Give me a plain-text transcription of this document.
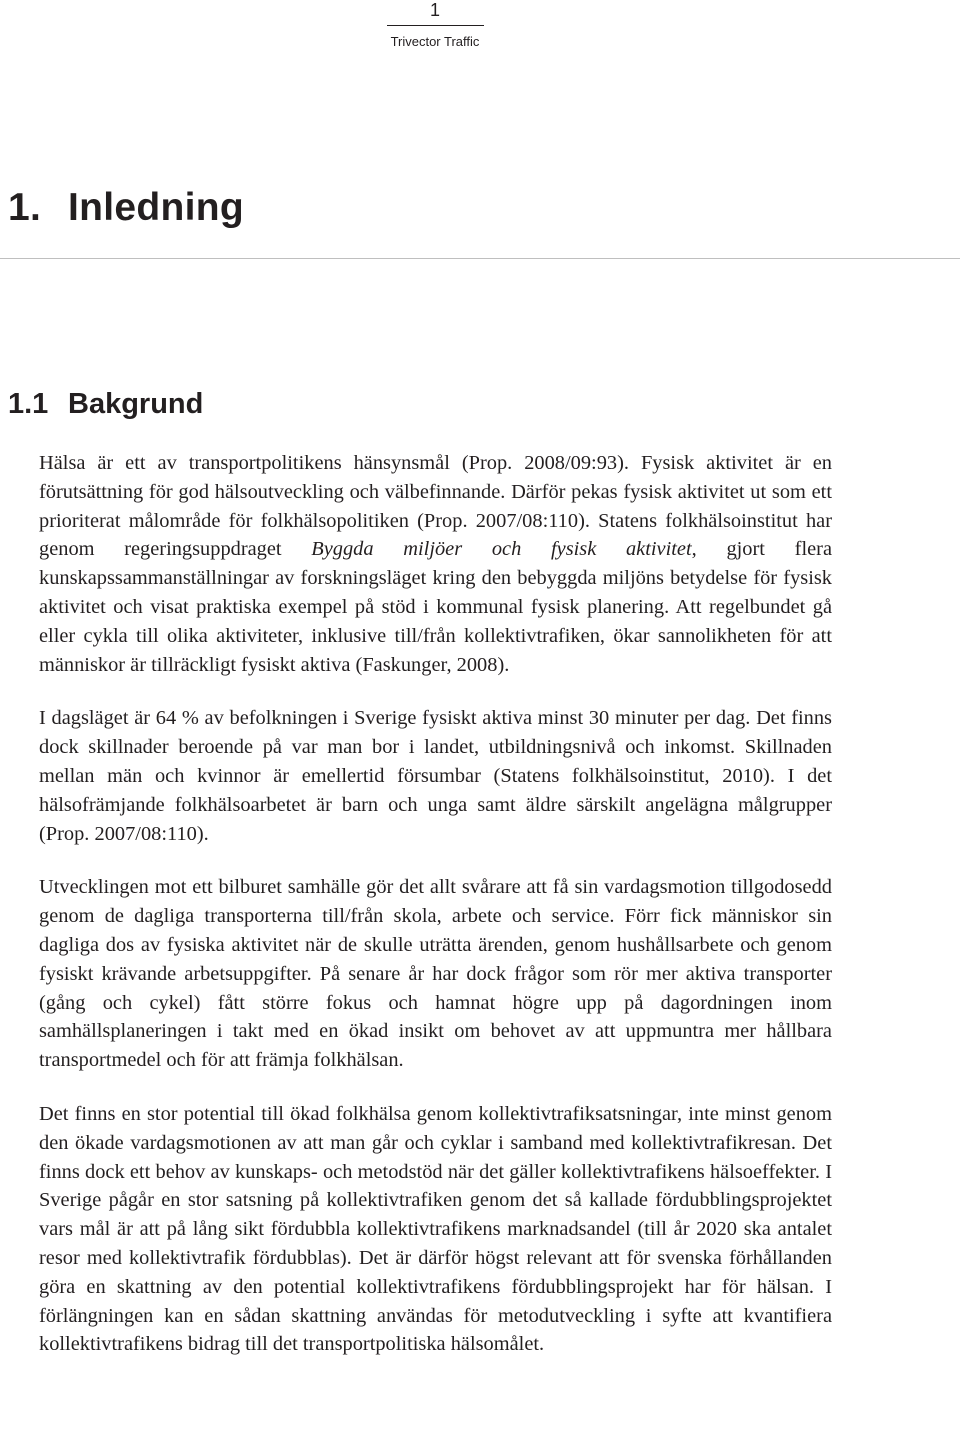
1
Trivector Traffic
1. Inledning
1.1 Bakgrund

Hälsa är ett av transportpolitikens hänsynsmål (Prop. 2008/09:93). Fysisk aktivitet är en förutsättning för god hälsoutveckling och välbefinnande. Därför pekas fysisk aktivitet ut som ett prioriterat målområde för folkhälsopolitiken (Prop. 2007/08:110). Statens folkhälsoinstitut har genom regeringsuppdraget Byggda miljöer och fysisk aktivitet, gjort flera kunskapssammanställningar av forskningsläget kring den bebyggda miljöns betydelse för fysisk aktivitet och visat praktiska exempel på stöd i kommunal fysisk planering. Att regelbundet gå eller cykla till olika aktiviteter, inklusive till/från kollektivtrafiken, ökar sannolikheten för att människor är tillräckligt fysiskt aktiva (Faskunger, 2008).

I dagsläget är 64 % av befolkningen i Sverige fysiskt aktiva minst 30 minuter per dag. Det finns dock skillnader beroende på var man bor i landet, utbildningsnivå och inkomst. Skillnaden mellan män och kvinnor är emellertid försumbar (Statens folkhälsoinstitut, 2010). I det hälsofrämjande folkhälsoarbetet är barn och unga samt äldre särskilt angelägna målgrupper (Prop. 2007/08:110).

Utvecklingen mot ett bilburet samhälle gör det allt svårare att få sin vardagsmotion tillgodosedd genom de dagliga transporterna till/från skola, arbete och service. Förr fick människor sin dagliga dos av fysiska aktivitet när de skulle uträtta ärenden, genom hushållsarbete och genom fysiskt krävande arbetsuppgifter. På senare år har dock frågor som rör mer aktiva transporter (gång och cykel) fått större fokus och hamnat högre upp på dagordningen inom samhällsplaneringen i takt med en ökad insikt om behovet av att uppmuntra mer hållbara transportmedel och för att främja folkhälsan.

Det finns en stor potential till ökad folkhälsa genom kollektivtrafiksatsningar, inte minst genom den ökade vardagsmotionen av att man går och cyklar i samband med kollektivtrafikresan. Det finns dock ett behov av kunskaps- och metodstöd när det gäller kollektivtrafikens hälsoeffekter. I Sverige pågår en stor satsning på kollektivtrafiken genom det så kallade fördubblingsprojektet vars mål är att på lång sikt fördubbla kollektivtrafikens marknadsandel (till år 2020 ska antalet resor med kollektivtrafik fördubblas). Det är därför högst relevant att för svenska förhållanden göra en skattning av den potential kollektivtrafikens fördubblingsprojekt har för hälsan. I förlängningen kan en sådan skattning användas för metodutveckling i syfte att kvantifiera kollektivtrafikens bidrag till det transportpolitiska hälsomålet.
